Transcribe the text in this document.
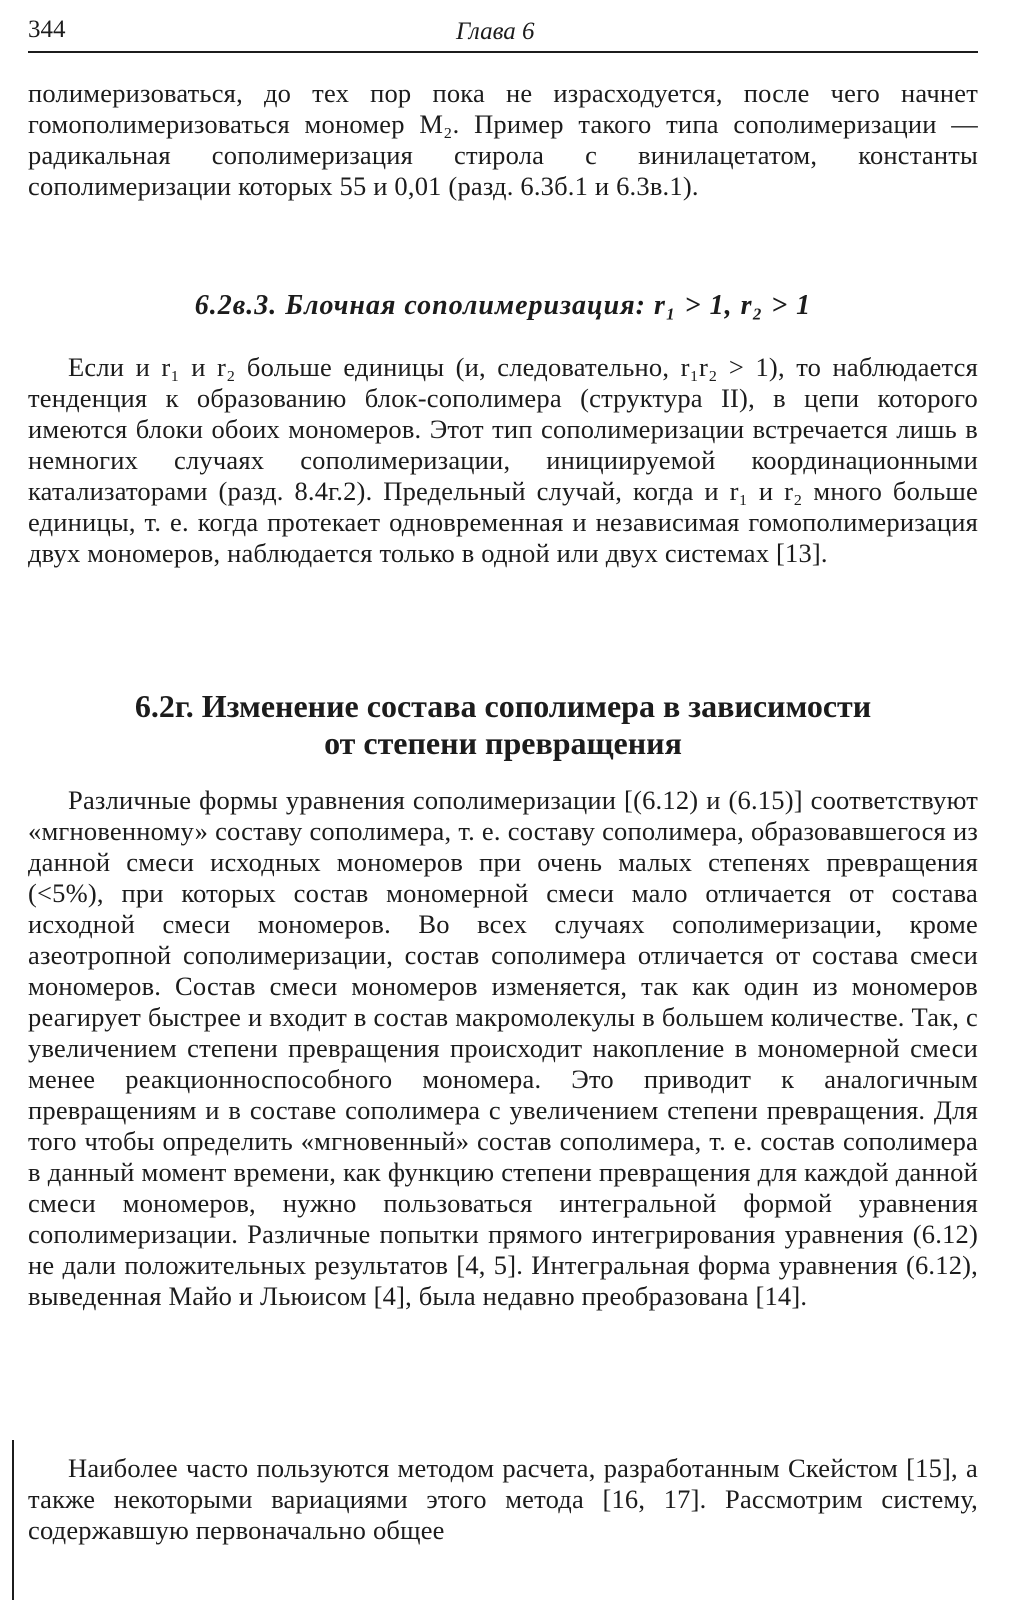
344	Глава 6

полимеризоваться, до тех пор пока не израсходуется, после чего начнет гомополимеризоваться мономер M₂. Пример такого типа сополимеризации — радикальная сополимеризация стирола с винилацетатом, константы сополимеризации которых 55 и 0,01 (разд. 6.3б.1 и 6.3в.1).

6.2в.3. Блочная сополимеризация: r₁ > 1, r₂ > 1

Если и r₁ и r₂ больше единицы (и, следовательно, r₁r₂ > 1), то наблюдается тенденция к образованию блок-сополимера (структура II), в цепи которого имеются блоки обоих мономеров. Этот тип сополимеризации встречается лишь в немногих случаях сополимеризации, инициируемой координационными катализаторами (разд. 8.4г.2). Предельный случай, когда и r₁ и r₂ много больше единицы, т. е. когда протекает одновременная и независимая гомополимеризация двух мономеров, наблюдается только в одной или двух системах [13].

6.2г. Изменение состава сополимера в зависимости
от степени превращения

Различные формы уравнения сополимеризации [(6.12) и (6.15)] соответствуют «мгновенному» составу сополимера, т. е. составу сополимера, образовавшегося из данной смеси исходных мономеров при очень малых степенях превращения (<5%), при которых состав мономерной смеси мало отличается от состава исходной смеси мономеров. Во всех случаях сополимеризации, кроме азеотропной сополимеризации, состав сополимера отличается от состава смеси мономеров. Состав смеси мономеров изменяется, так как один из мономеров реагирует быстрее и входит в состав макромолекулы в большем количестве. Так, с увеличением степени превращения происходит накопление в мономерной смеси менее реакционноспособного мономера. Это приводит к аналогичным превращениям и в составе сополимера с увеличением степени превращения. Для того чтобы определить «мгновенный» состав сополимера, т. е. состав сополимера в данный момент времени, как функцию степени превращения для каждой данной смеси мономеров, нужно пользоваться интегральной формой уравнения сополимеризации. Различные попытки прямого интегрирования уравнения (6.12) не дали положительных результатов [4, 5]. Интегральная форма уравнения (6.12), выведенная Майо и Льюисом [4], была недавно преобразована [14].

Наиболее часто пользуются методом расчета, разработанным Скейстом [15], а также некоторыми вариациями этого метода [16, 17]. Рассмотрим систему, содержавшую первоначально общее
